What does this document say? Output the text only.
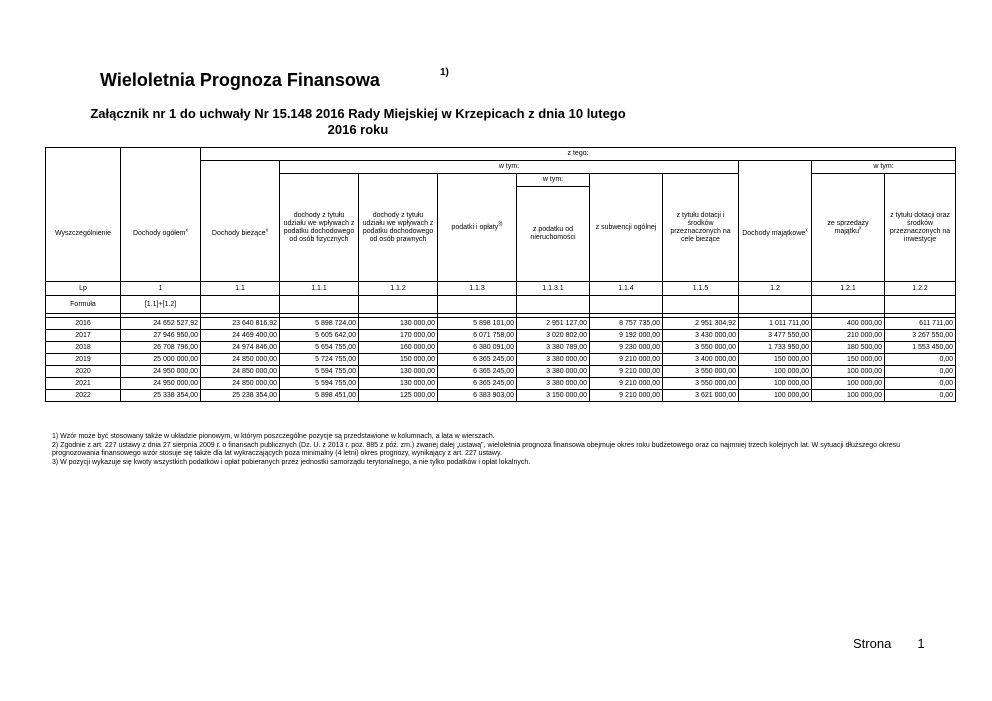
Wieloletnia Prognoza Finansowa	1)
Załącznik nr 1 do uchwały Nr 15.148 2016 Rady Miejskiej w Krzepicach z dnia 10 lutego 2016 roku
		z tego:									
			w tym:							w tym:	
			dochody z tytułu udziału we wpływach z podatku dochodowego od osób fizycznych	dochody z tytułu udziału we wpływach z podatku dochodowego od osób prawnych	podatki i opłaty$^{3)}$	w tym:	z subwencji ogólnej	z tytułu dotacji i środków przeznaczonych na cele bieżące		ze sprzedaży majątku$^x$	z tytułu dotacji oraz środków przeznaczonych na inwestycje
Wyszczególnienie	Dochody ogółem$^x$	Dochody bieżące$^x$				z podatku od nieruchomości			Dochody majątkowe$^x$
Lp	1	1.1	1.1.1	1.1.2	1.1.3	1.1.3.1	1.1.4	1.1.5	1.2	1.2.1	1.2.2
Formuła	[1.1]+[1.2]										

2016	24 652 527,92	23 640 816,92	5 898 724,00	130 000,00	5 898 101,00	2 951 127,00	8 757 735,00	2 951 304,92	1 011 711,00	400 000,00	611 711,00
2017	27 946 950,00	24 469 400,00	5 605 642,00	170 000,00	6 071 758,00	3 020 802,00	9 192 000,00	3 430 000,00	3 477 550,00	210 000,00	3 267 550,00
2018	26 708 796,00	24 974 846,00	5 654 755,00	160 000,00	6 380 091,00	3 380 789,00	9 230 000,00	3 550 000,00	1 733 950,00	180 500,00	1 553 450,00
2019	25 000 000,00	24 850 000,00	5 724 755,00	150 000,00	6 365 245,00	3 380 000,00	9 210 000,00	3 400 000,00	150 000,00	150 000,00	0,00
2020	24 950 000,00	24 850 000,00	5 594 755,00	130 000,00	6 365 245,00	3 380 000,00	9 210 000,00	3 550 000,00	100 000,00	100 000,00	0,00
2021	24 950 000,00	24 850 000,00	5 594 755,00	130 000,00	6 365 245,00	3 380 000,00	9 210 000,00	3 550 000,00	100 000,00	100 000,00	0,00
2022	25 338 354,00	25 238 354,00	5 898 451,00	125 000,00	6 383 903,00	3 150 000,00	9 210 000,00	3 621 000,00	100 000,00	100 000,00	0,00
1) Wzór może być stosowany także w układzie pionowym, w którym poszczególne pozycje są przedstawione w kolumnach, a lata w wierszach.
2) Zgodnie z art. 227 ustawy z dnia 27 sierpnia 2009 r. o finansach publicznych (Dz. U. z 2013 r. poz. 885 z póź. zm.) zwanej dalej „ustawą", wieloletnia prognoza finansowa obejmuje okres roku budżetowego oraz co najmniej trzech kolejnych lat. W sytuacji dłuższego okresu prognozowania finansowego wzór stosuje się także dla lat wykraczających poza minimalny (4 letni) okres prognozy, wynikający z art. 227 ustawy.
3) W pozycji wykazuje się kwoty wszystkich podatków i opłat pobieranych przez jednostki samorządu terytorialnego, a nie tylko podatków i opłat lokalnych.
Strona 1
